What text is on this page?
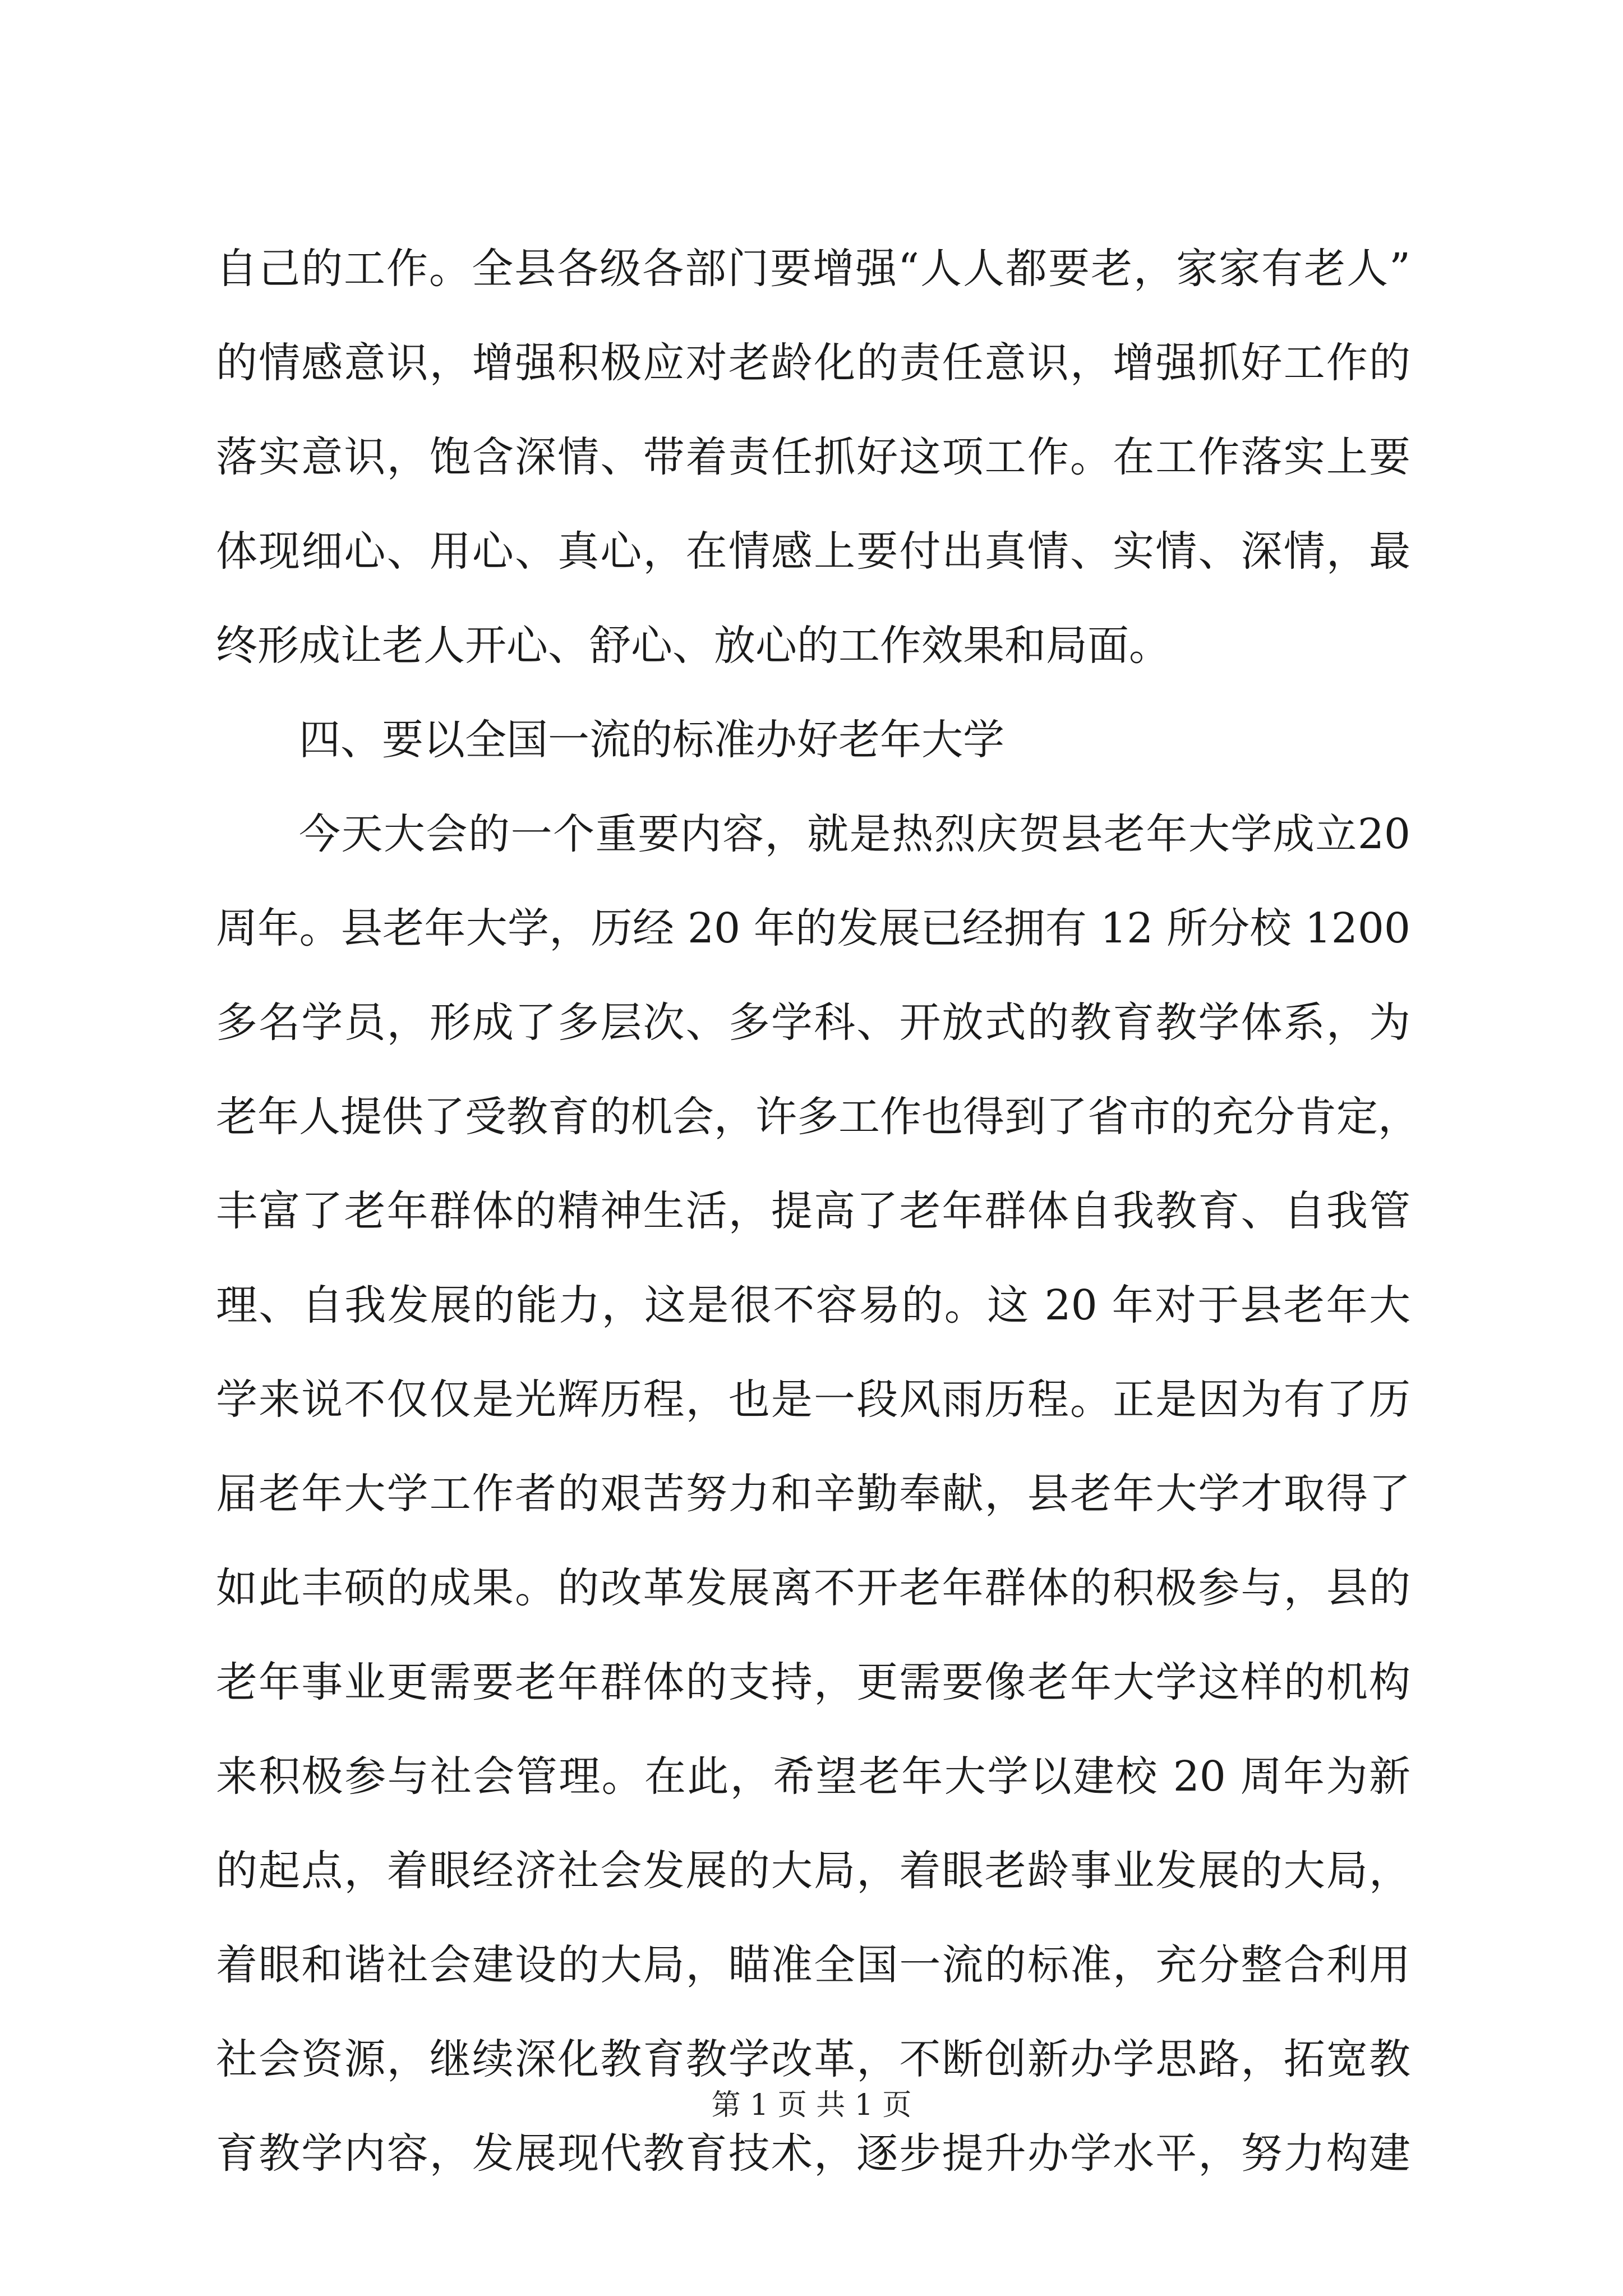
自己的工作。全县各级各部门要增强“人人都要老，家家有老人”
的情感意识，增强积极应对老龄化的责任意识，增强抓好工作的
落实意识，饱含深情、带着责任抓好这项工作。在工作落实上要
体现细心、用心、真心，在情感上要付出真情、实情、深情，最
终形成让老人开心、舒心、放心的工作效果和局面。
四、要以全国一流的标准办好老年大学
今天大会的一个重要内容，就是热烈庆贺县老年大学成立20
周年。县老年大学，历经 20 年的发展已经拥有 12 所分校 1200
多名学员，形成了多层次、多学科、开放式的教育教学体系，为
老年人提供了受教育的机会，许多工作也得到了省市的充分肯定，
丰富了老年群体的精神生活，提高了老年群体自我教育、自我管
理、自我发展的能力，这是很不容易的。这 20 年对于县老年大
学来说不仅仅是光辉历程，也是一段风雨历程。正是因为有了历
届老年大学工作者的艰苦努力和辛勤奉献，县老年大学才取得了
如此丰硕的成果。的改革发展离不开老年群体的积极参与，县的
老年事业更需要老年群体的支持，更需要像老年大学这样的机构
来积极参与社会管理。在此，希望老年大学以建校 20 周年为新
的起点，着眼经济社会发展的大局，着眼老龄事业发展的大局，
着眼和谐社会建设的大局，瞄准全国一流的标准，充分整合利用
社会资源，继续深化教育教学改革，不断创新办学思路，拓宽教
育教学内容，发展现代教育技术，逐步提升办学水平，努力构建
第 1 页 共 1 页
